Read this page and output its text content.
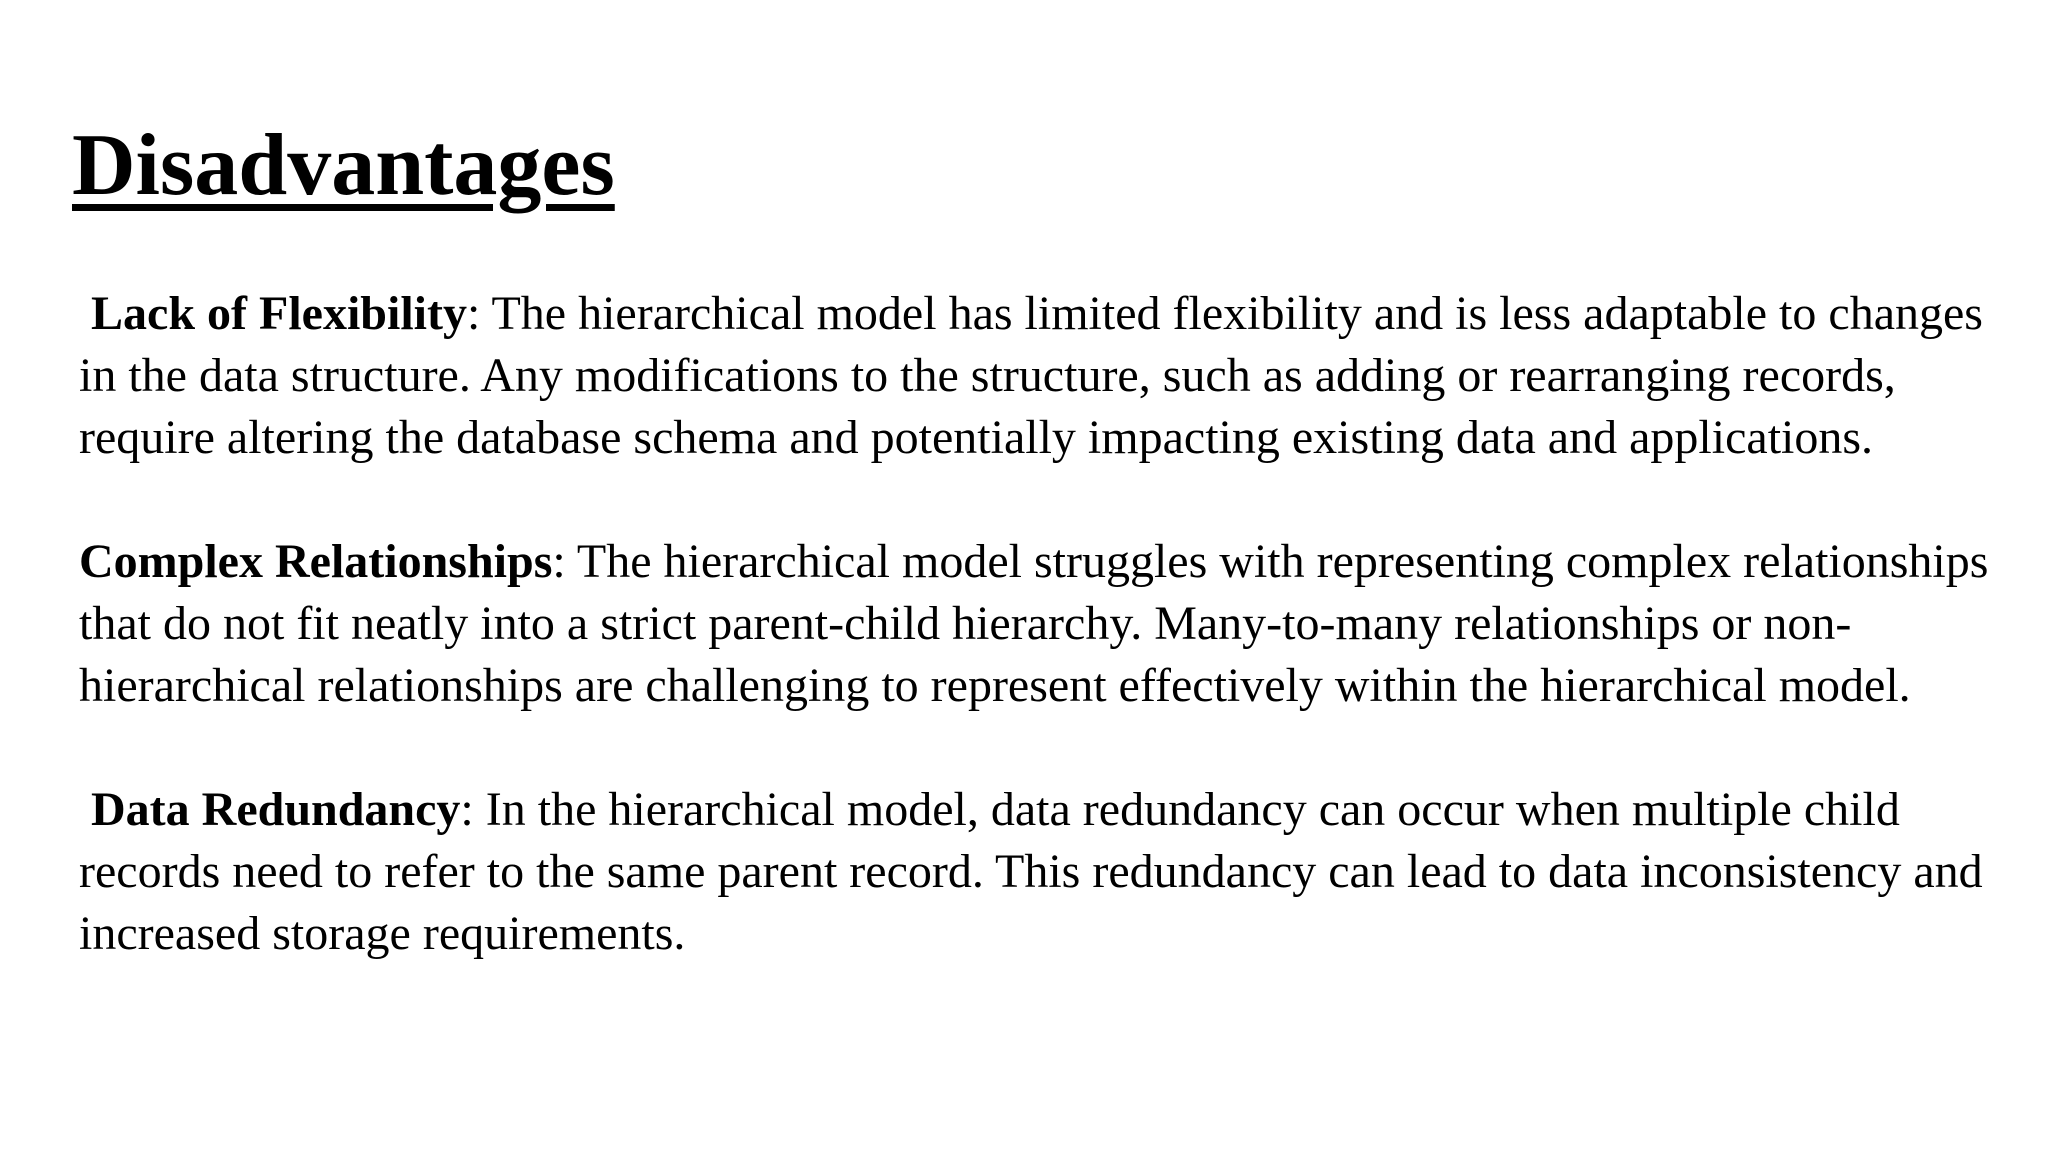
Disadvantages

Lack of Flexibility: The hierarchical model has limited flexibility and is less adaptable to changes in the data structure. Any modifications to the structure, such as adding or rearranging records, require altering the database schema and potentially impacting existing data and applications.

Complex Relationships: The hierarchical model struggles with representing complex relationships that do not fit neatly into a strict parent-child hierarchy. Many-to-many relationships or non-hierarchical relationships are challenging to represent effectively within the hierarchical model.

Data Redundancy: In the hierarchical model, data redundancy can occur when multiple child records need to refer to the same parent record. This redundancy can lead to data inconsistency and increased storage requirements.
